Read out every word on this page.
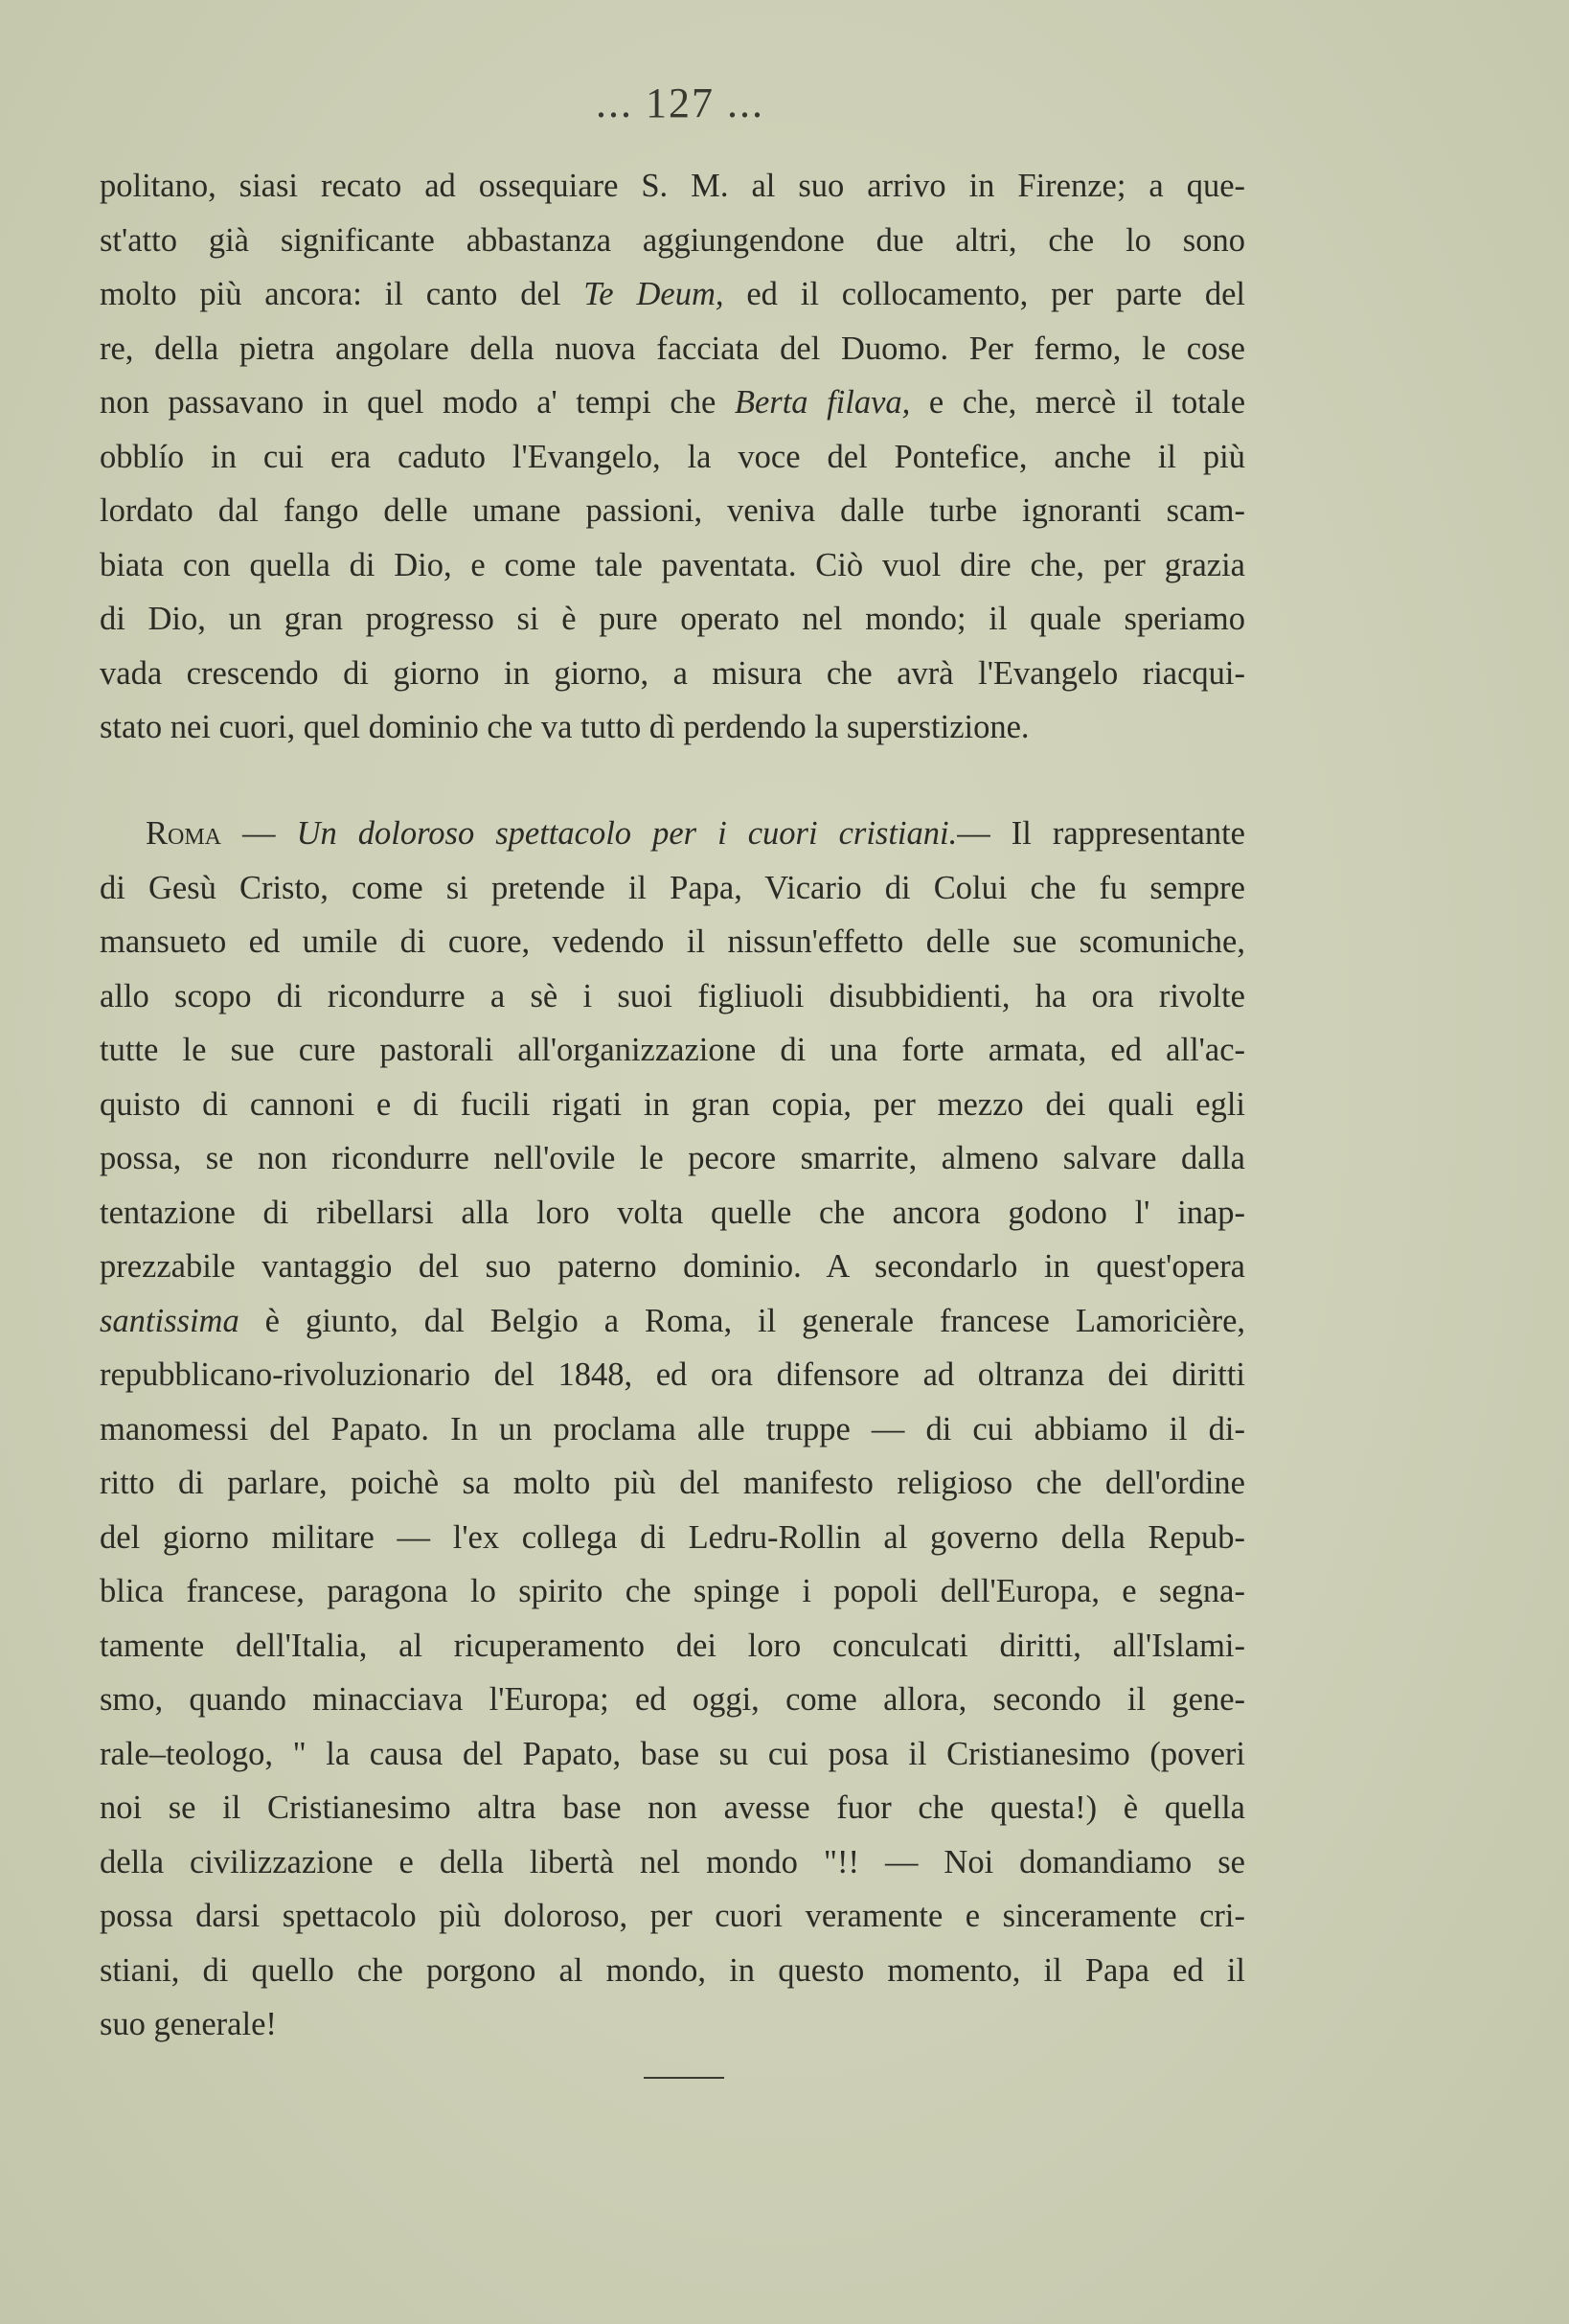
... 127 ...
politano, siasi recato ad ossequiare S. M. al suo arrivo in Firenze; a que-
st'atto già significante abbastanza aggiungendone due altri, che lo sono
molto più ancora: il canto del Te Deum, ed il collocamento, per parte del
re, della pietra angolare della nuova facciata del Duomo. Per fermo, le cose
non passavano in quel modo a' tempi che Berta filava, e che, mercè il totale
obblío in cui era caduto l'Evangelo, la voce del Pontefice, anche il più
lordato dal fango delle umane passioni, veniva dalle turbe ignoranti scam-
biata con quella di Dio, e come tale paventata. Ciò vuol dire che, per grazia
di Dio, un gran progresso si è pure operato nel mondo; il quale speriamo
vada crescendo di giorno in giorno, a misura che avrà l'Evangelo riacqui-
stato nei cuori, quel dominio che va tutto dì perdendo la superstizione.
Roma — Un doloroso spettacolo per i cuori cristiani.— Il rappresentante
di Gesù Cristo, come si pretende il Papa, Vicario di Colui che fu sempre
mansueto ed umile di cuore, vedendo il nissun'effetto delle sue scomuniche,
allo scopo di ricondurre a sè i suoi figliuoli disubbidienti, ha ora rivolte
tutte le sue cure pastorali all'organizzazione di una forte armata, ed all'ac-
quisto di cannoni e di fucili rigati in gran copia, per mezzo dei quali egli
possa, se non ricondurre nell'ovile le pecore smarrite, almeno salvare dalla
tentazione di ribellarsi alla loro volta quelle che ancora godono l' inap-
prezzabile vantaggio del suo paterno dominio. A secondarlo in quest'opera
santissima è giunto, dal Belgio a Roma, il generale francese Lamoricière,
repubblicano-rivoluzionario del 1848, ed ora difensore ad oltranza dei diritti
manomessi del Papato. In un proclama alle truppe — di cui abbiamo il di-
ritto di parlare, poichè sa molto più del manifesto religioso che dell'ordine
del giorno militare — l'ex collega di Ledru-Rollin al governo della Repub-
blica francese, paragona lo spirito che spinge i popoli dell'Europa, e segna-
tamente dell'Italia, al ricuperamento dei loro conculcati diritti, all'Islami-
smo, quando minacciava l'Europa; ed oggi, come allora, secondo il gene-
rale–teologo, " la causa del Papato, base su cui posa il Cristianesimo (poveri
noi se il Cristianesimo altra base non avesse fuor che questa!) è quella
della civilizzazione e della libertà nel mondo "!! — Noi domandiamo se
possa darsi spettacolo più doloroso, per cuori veramente e sinceramente cri-
stiani, di quello che porgono al mondo, in questo momento, il Papa ed il
suo generale!
